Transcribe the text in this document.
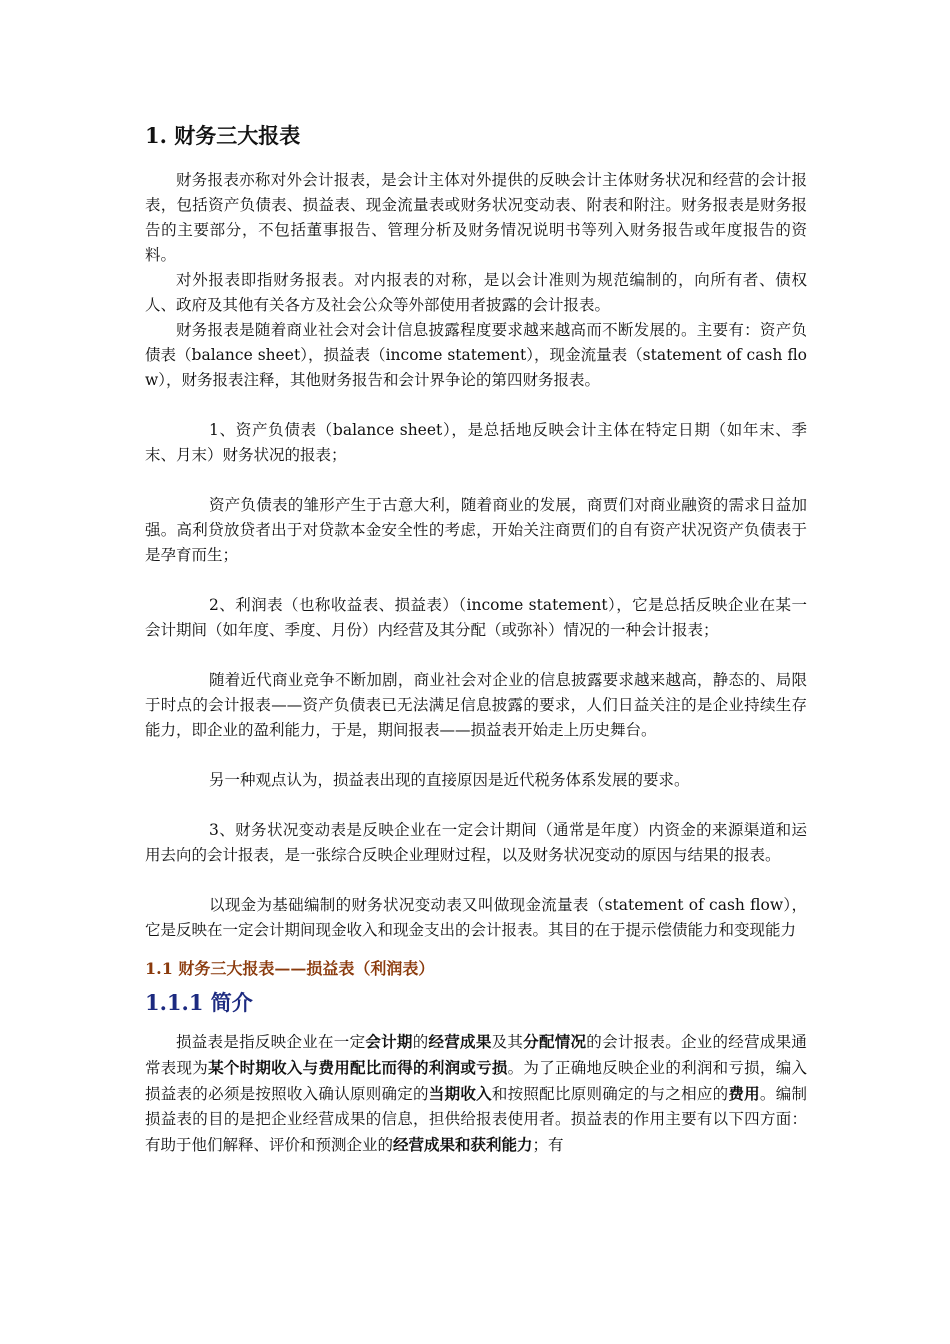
1. 财务三大报表

财务报表亦称对外会计报表，是会计主体对外提供的反映会计主体财务状况和经营的会计报表，包括资产负债表、损益表、现金流量表或财务状况变动表、附表和附注。财务报表是财务报告的主要部分，不包括董事报告、管理分析及财务情况说明书等列入财务报告或年度报告的资料。

对外报表即指财务报表。对内报表的对称，是以会计准则为规范编制的，向所有者、债权人、政府及其他有关各方及社会公众等外部使用者披露的会计报表。

财务报表是随着商业社会对会计信息披露程度要求越来越高而不断发展的。主要有：资产负债表（balance sheet），损益表（income statement），现金流量表（statement of cash flow），财务报表注释，其他财务报告和会计界争论的第四财务报表。

1、资产负债表（balance sheet），是总括地反映会计主体在特定日期（如年末、季末、月末）财务状况的报表；

资产负债表的雏形产生于古意大利，随着商业的发展，商贾们对商业融资的需求日益加强。高利贷放贷者出于对贷款本金安全性的考虑，开始关注商贾们的自有资产状况资产负债表于是孕育而生；

2、利润表（也称收益表、损益表）（income statement），它是总括反映企业在某一会计期间（如年度、季度、月份）内经营及其分配（或弥补）情况的一种会计报表；

随着近代商业竞争不断加剧，商业社会对企业的信息披露要求越来越高，静态的、局限于时点的会计报表——资产负债表已无法满足信息披露的要求，人们日益关注的是企业持续生存能力，即企业的盈利能力，于是，期间报表——损益表开始走上历史舞台。

另一种观点认为，损益表出现的直接原因是近代税务体系发展的要求。

3、财务状况变动表是反映企业在一定会计期间（通常是年度）内资金的来源渠道和运用去向的会计报表，是一张综合反映企业理财过程，以及财务状况变动的原因与结果的报表。

以现金为基础编制的财务状况变动表又叫做现金流量表（statement of cash flow），它是反映在一定会计期间现金收入和现金支出的会计报表。其目的在于提示偿债能力和变现能力

1.1 财务三大报表——损益表（利润表）
1.1.1 简介

损益表是指反映企业在一定会计期的经营成果及其分配情况的会计报表。企业的经营成果通常表现为某个时期收入与费用配比而得的利润或亏损。为了正确地反映企业的利润和亏损，编入损益表的必须是按照收入确认原则确定的当期收入和按照配比原则确定的与之相应的费用。编制损益表的目的是把企业经营成果的信息，担供给报表使用者。损益表的作用主要有以下四方面：有助于他们解释、评价和预测企业的经营成果和获利能力；有
